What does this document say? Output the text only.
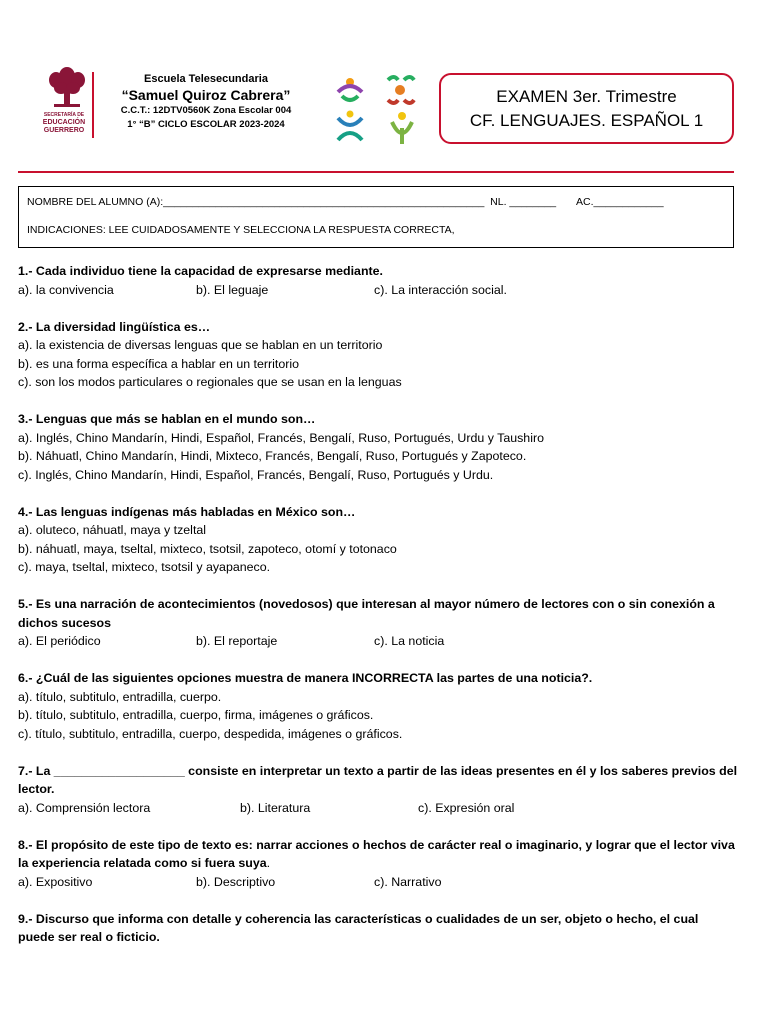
SECRETARÍA DE
EDUCACIÓN
GUERRERO
Escuela Telesecundaria
“Samuel Quiroz Cabrera”
C.C.T.: 12DTV0560K Zona Escolar 004
1° “B” CICLO ESCOLAR 2023-2024
EXAMEN 3er. Trimestre
CF. LENGUAJES. ESPAÑOL 1
NOMBRE DEL ALUMNO (A):_______________________________________________________ NL. ________ AC.____________
INDICACIONES: LEE CUIDADOSAMENTE Y SELECCIONA LA RESPUESTA CORRECTA,
1.- Cada individuo tiene la capacidad de expresarse mediante.
a). la convivencia	b). El leguaje	c). La interacción social.
2.- La diversidad lingüística es…
a). la existencia de diversas lenguas que se hablan en un territorio
b). es una forma específica a hablar en un territorio
c). son los modos particulares o regionales que se usan en la lenguas
3.- Lenguas que más se hablan en el mundo son…
a). Inglés, Chino Mandarín, Hindi, Español, Francés, Bengalí, Ruso, Portugués, Urdu y Taushiro
b). Náhuatl, Chino Mandarín, Hindi, Mixteco, Francés, Bengalí, Ruso, Portugués y Zapoteco.
c). Inglés, Chino Mandarín, Hindi, Español, Francés, Bengalí, Ruso, Portugués y Urdu.
4.- Las lenguas indígenas más habladas en México son…
a). oluteco, náhuatl, maya y tzeltal
b). náhuatl, maya, tseltal, mixteco, tsotsil, zapoteco, otomí y totonaco
c). maya, tseltal, mixteco, tsotsil y ayapaneco.
5.- Es una narración de acontecimientos (novedosos) que interesan al mayor número de lectores con o sin conexión a dichos sucesos
a). El periódico	b). El reportaje	c). La noticia
6.- ¿Cuál de las siguientes opciones muestra de manera INCORRECTA las partes de una noticia?.
a). título, subtitulo, entradilla, cuerpo.
b). título, subtitulo, entradilla, cuerpo, firma, imágenes o gráficos.
c). título, subtitulo, entradilla, cuerpo, despedida, imágenes o gráficos.
7.- La ___________________ consiste en interpretar un texto a partir de las ideas presentes en él y los saberes previos del lector.
a). Comprensión lectora	b). Literatura	c). Expresión oral
8.- El propósito de este tipo de texto es: narrar acciones o hechos de carácter real o imaginario, y lograr que el lector viva la experiencia relatada como si fuera suya.
a). Expositivo	b). Descriptivo	c). Narrativo
9.- Discurso que informa con detalle y coherencia las características o cualidades de un ser, objeto o hecho, el cual puede ser real o ficticio.
